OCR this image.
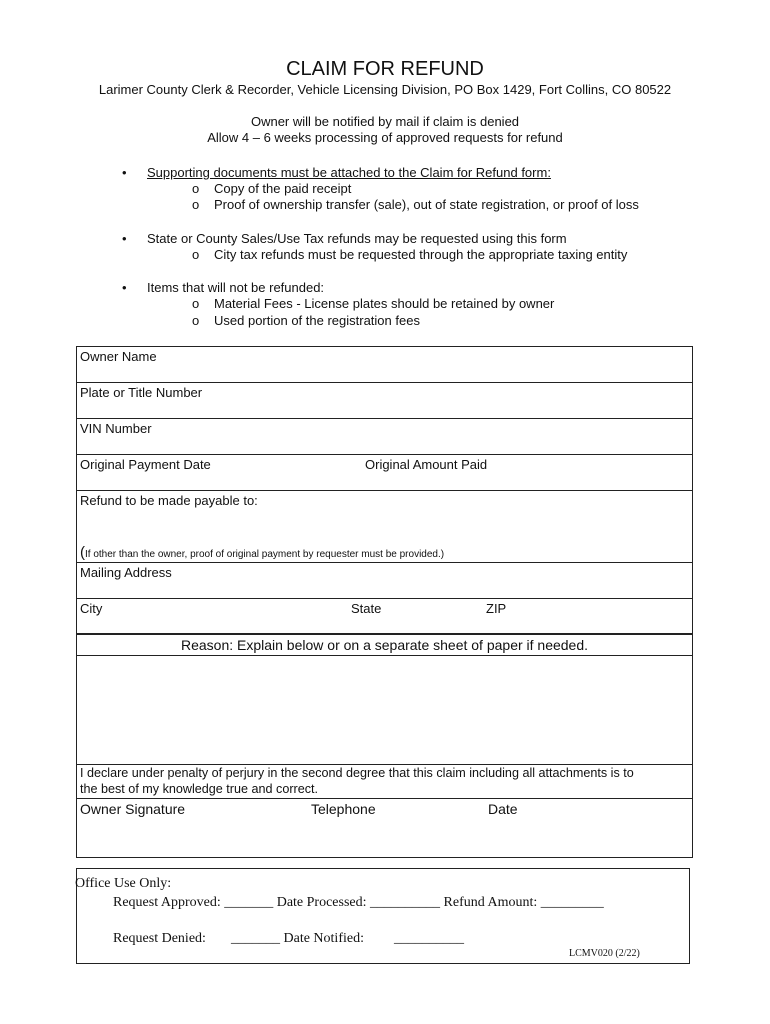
CLAIM FOR REFUND
Larimer County Clerk & Recorder, Vehicle Licensing Division, PO Box 1429, Fort Collins, CO 80522
Owner will be notified by mail if claim is denied
Allow 4 – 6 weeks processing of approved requests for refund
• Supporting documents must be attached to the Claim for Refund form:
o Copy of the paid receipt
o Proof of ownership transfer (sale), out of state registration, or proof of loss
• State or County Sales/Use Tax refunds may be requested using this form
o City tax refunds must be requested through the appropriate taxing entity
• Items that will not be refunded:
o Material Fees - License plates should be retained by owner
o Used portion of the registration fees
Owner Name
Plate or Title Number
VIN Number
Original Payment Date	Original Amount Paid
Refund to be made payable to:
(If other than the owner, proof of original payment by requester must be provided.)
Mailing Address
City	State	ZIP
Reason: Explain below or on a separate sheet of paper if needed.
I declare under penalty of perjury in the second degree that this claim including all attachments is to
the best of my knowledge true and correct.
Owner Signature	Telephone	Date
Office Use Only:
Request Approved: _______ Date Processed: __________ Refund Amount: _________
Request Denied: _______ Date Notified: __________
LCMV020 (2/22)
